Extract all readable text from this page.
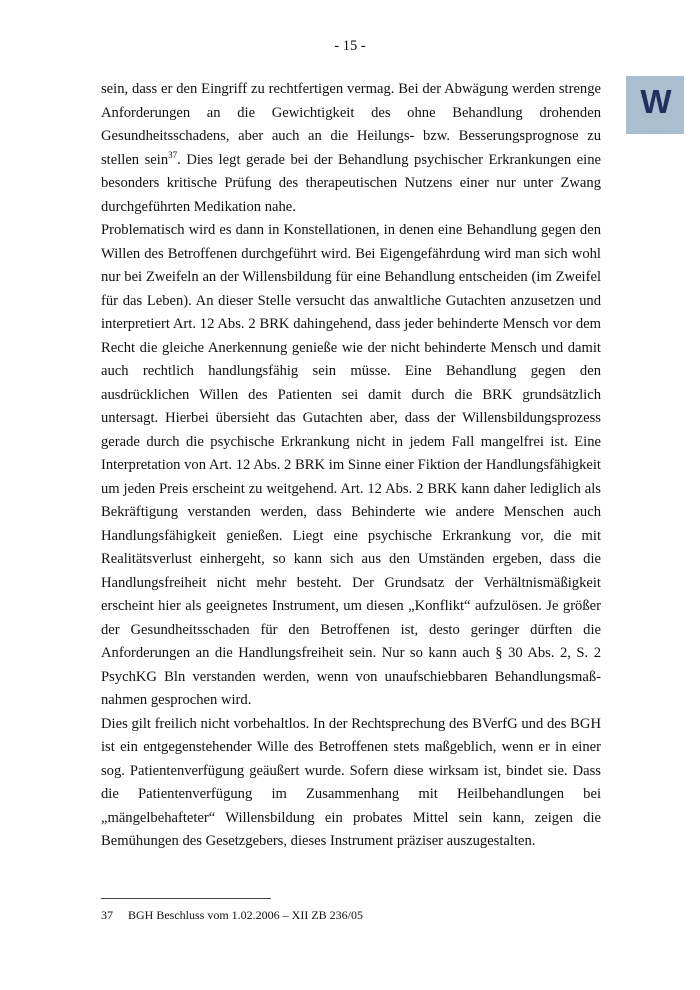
- 15 -
W

sein, dass er den Eingriff zu rechtfertigen vermag. Bei der Abwägung werden strenge Anforderungen an die Gewichtigkeit des ohne Behandlung drohenden Gesundheitsschadens, aber auch an die Heilungs- bzw. Besserungsprognose zu stellen sein$^{37}$. Dies legt gerade bei der Behandlung psychischer Erkrankungen eine besonders kritische Prüfung des therapeutischen Nutzens einer nur unter Zwang durchgeführten Medikation nahe.

Problematisch wird es dann in Konstellationen, in denen eine Behandlung gegen den Willen des Betroffenen durchgeführt wird. Bei Eigengefährdung wird man sich wohl nur bei Zweifeln an der Willensbildung für eine Behandlung entscheiden (im Zweifel für das Leben). An dieser Stelle versucht das anwaltliche Gutachten anzusetzen und interpretiert Art. 12 Abs. 2 BRK dahingehend, dass jeder behinderte Mensch vor dem Recht die gleiche Anerkennung genieße wie der nicht behinderte Mensch und damit auch rechtlich handlungsfähig sein müsse. Eine Behandlung gegen den ausdrücklichen Willen des Patienten sei damit durch die BRK grundsätzlich untersagt. Hierbei übersieht das Gutachten aber, dass der Willensbildungsprozess gerade durch die psychische Erkrankung nicht in jedem Fall mangelfrei ist. Eine Interpretation von Art. 12 Abs. 2 BRK im Sinne einer Fiktion der Handlungsfähigkeit um jeden Preis erscheint zu weitgehend. Art. 12 Abs. 2 BRK kann daher lediglich als Bekräftigung verstanden werden, dass Behinderte wie andere Menschen auch Handlungsfähigkeit genießen. Liegt eine psychische Erkrankung vor, die mit Realitätsverlust einhergeht, so kann sich aus den Umständen ergeben, dass die Handlungsfreiheit nicht mehr besteht. Der Grundsatz der Verhältnismäßigkeit erscheint hier als geeignetes Instrument, um diesen „Konflikt“ aufzulösen. Je größer der Gesundheitsschaden für den Betroffenen ist, desto geringer dürften die Anforderungen an die Handlungsfreiheit sein. Nur so kann auch § 30 Abs. 2, S. 2 PsychKG Bln verstanden werden, wenn von unaufschiebbaren Behandlungsmaßnahmen gesprochen wird.

Dies gilt freilich nicht vorbehaltlos. In der Rechtsprechung des BVerfG und des BGH ist ein entgegenstehender Wille des Betroffenen stets maßgeblich, wenn er in einer sog. Patientenverfügung geäußert wurde. Sofern diese wirksam ist, bindet sie. Dass die Patientenverfügung im Zusammenhang mit Heilbehandlungen bei „mängelbehafteter“ Willensbildung ein probates Mittel sein kann, zeigen die Bemühungen des Gesetzgebers, dieses Instrument präziser auszugestalten.

37 BGH Beschluss vom 1.02.2006 – XII ZB 236/05
